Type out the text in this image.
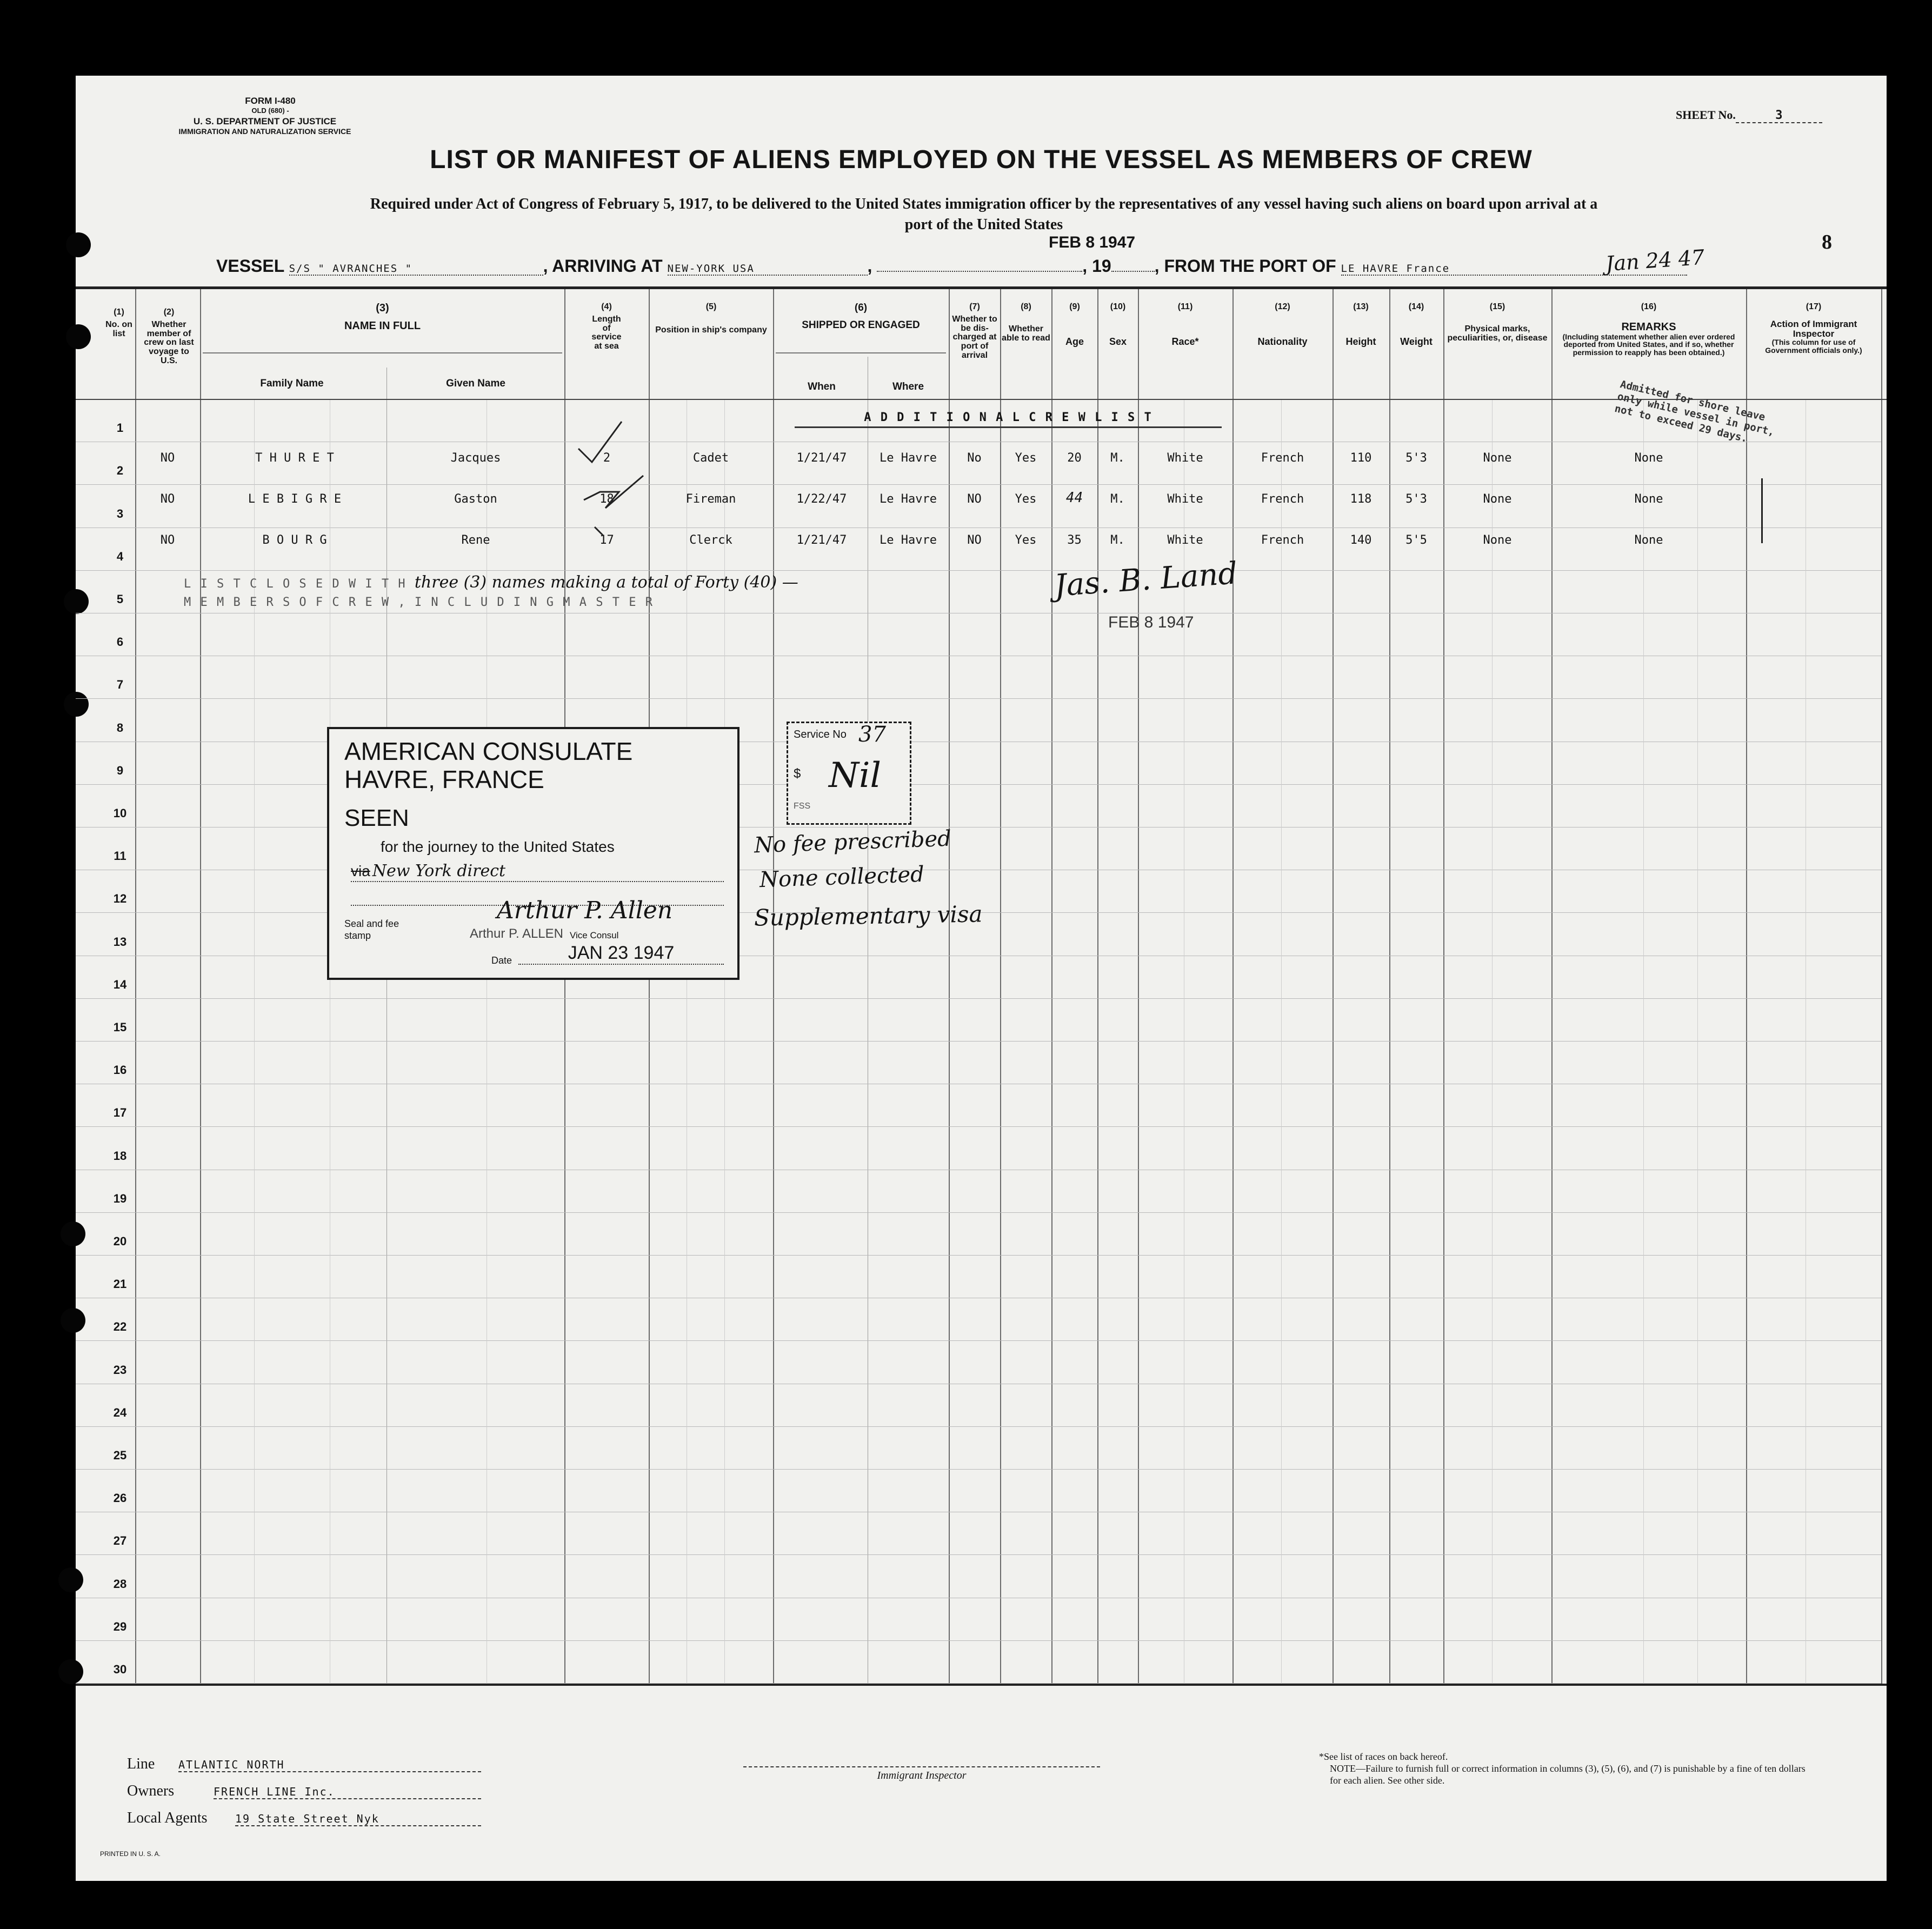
FORM I-480
OLD (680) -
U. S. DEPARTMENT OF JUSTICE
IMMIGRATION AND NATURALIZATION SERVICE
SHEET No.	3
LIST OR MANIFEST OF ALIENS EMPLOYED ON THE VESSEL AS MEMBERS OF CREW
Required under Act of Congress of February 5, 1917, to be delivered to the United States immigration officer by the representatives of any vessel having such aliens on board upon arrival at a
port of the United States
FEB 8 1947	8
VESSEL S/S " AVRANCHES "	, ARRIVING AT NEW-YORK USA	,	, 19	, FROM THE PORT OF LE HAVRE France	Jan 24 47
(1)
No. on list
(2)
Whether member of crew on last voyage to U.S.
(3)
NAME IN FULL
Family Name	Given Name
(4)
Length of service at sea
(5)
Position in ship's company
(6)
SHIPPED OR ENGAGED
When	Where
(7)
Whether to be dis-charged at port of arrival
(8)
Whether able to read
(9)
Age
(10)
Sex
(11)
Race*
(12)
Nationality
(13)
Height
(14)
Weight
(15)
Physical marks, peculiarities, or, disease
(16)
REMARKS
(Including statement whether alien ever ordered deported from United States, and if so, whether permission to reapply has been obtained.)
(17)
Action of Immigrant Inspector
(This column for use of Government officials only.)
1
2
3
4
5
6
7
8
9
10
11
12
13
14
15
16
17
18
19
20
21
22
23
24
25
26
27
28
29
30
A D D I T I O N A L C R E W L I S T
NO	T H U R E T	Jacques	2	Cadet	1/21/47	Le Havre	No	Yes	20	M.	White	French	110	5'3	None	None
NO	L E B I G R E	Gaston	18	Fireman	1/22/47	Le Havre	NO	Yes	44	M.	White	French	118	5'3	None	None
NO	B O U R G	Rene	17	Clerck	1/21/47	Le Havre	NO	Yes	35	M.	White	French	140	5'5	None	None
L I S T C L O S E D W I T H three (3) names making a total of Forty (40) —
M E M B E R S O F C R E W , I N C L U D I N G M A S T E R
Admitted for shore leave only while vessel in port, not to exceed 29 days.
Jas. B. Land
FEB 8 1947
AMERICAN CONSULATE
HAVRE, FRANCE
SEEN
for the journey to the United States
via New York direct
Seal and fee stamp
Arthur P. Allen
Arthur P. ALLEN Vice Consul
Date	JAN 23 1947
Service No 37
$ Nil
FSS
No fee prescribed
None collected
Supplementary visa
Line ATLANTIC NORTH
Owners	FRENCH LINE Inc.
Local Agents	19 State Street Nyk
Immigrant Inspector
*See list of races on back hereof.
NOTE—Failure to furnish full or correct information in columns (3), (5), (6), and (7) is punishable by a fine of ten dollars for each alien. See other side.
PRINTED IN U. S. A.
